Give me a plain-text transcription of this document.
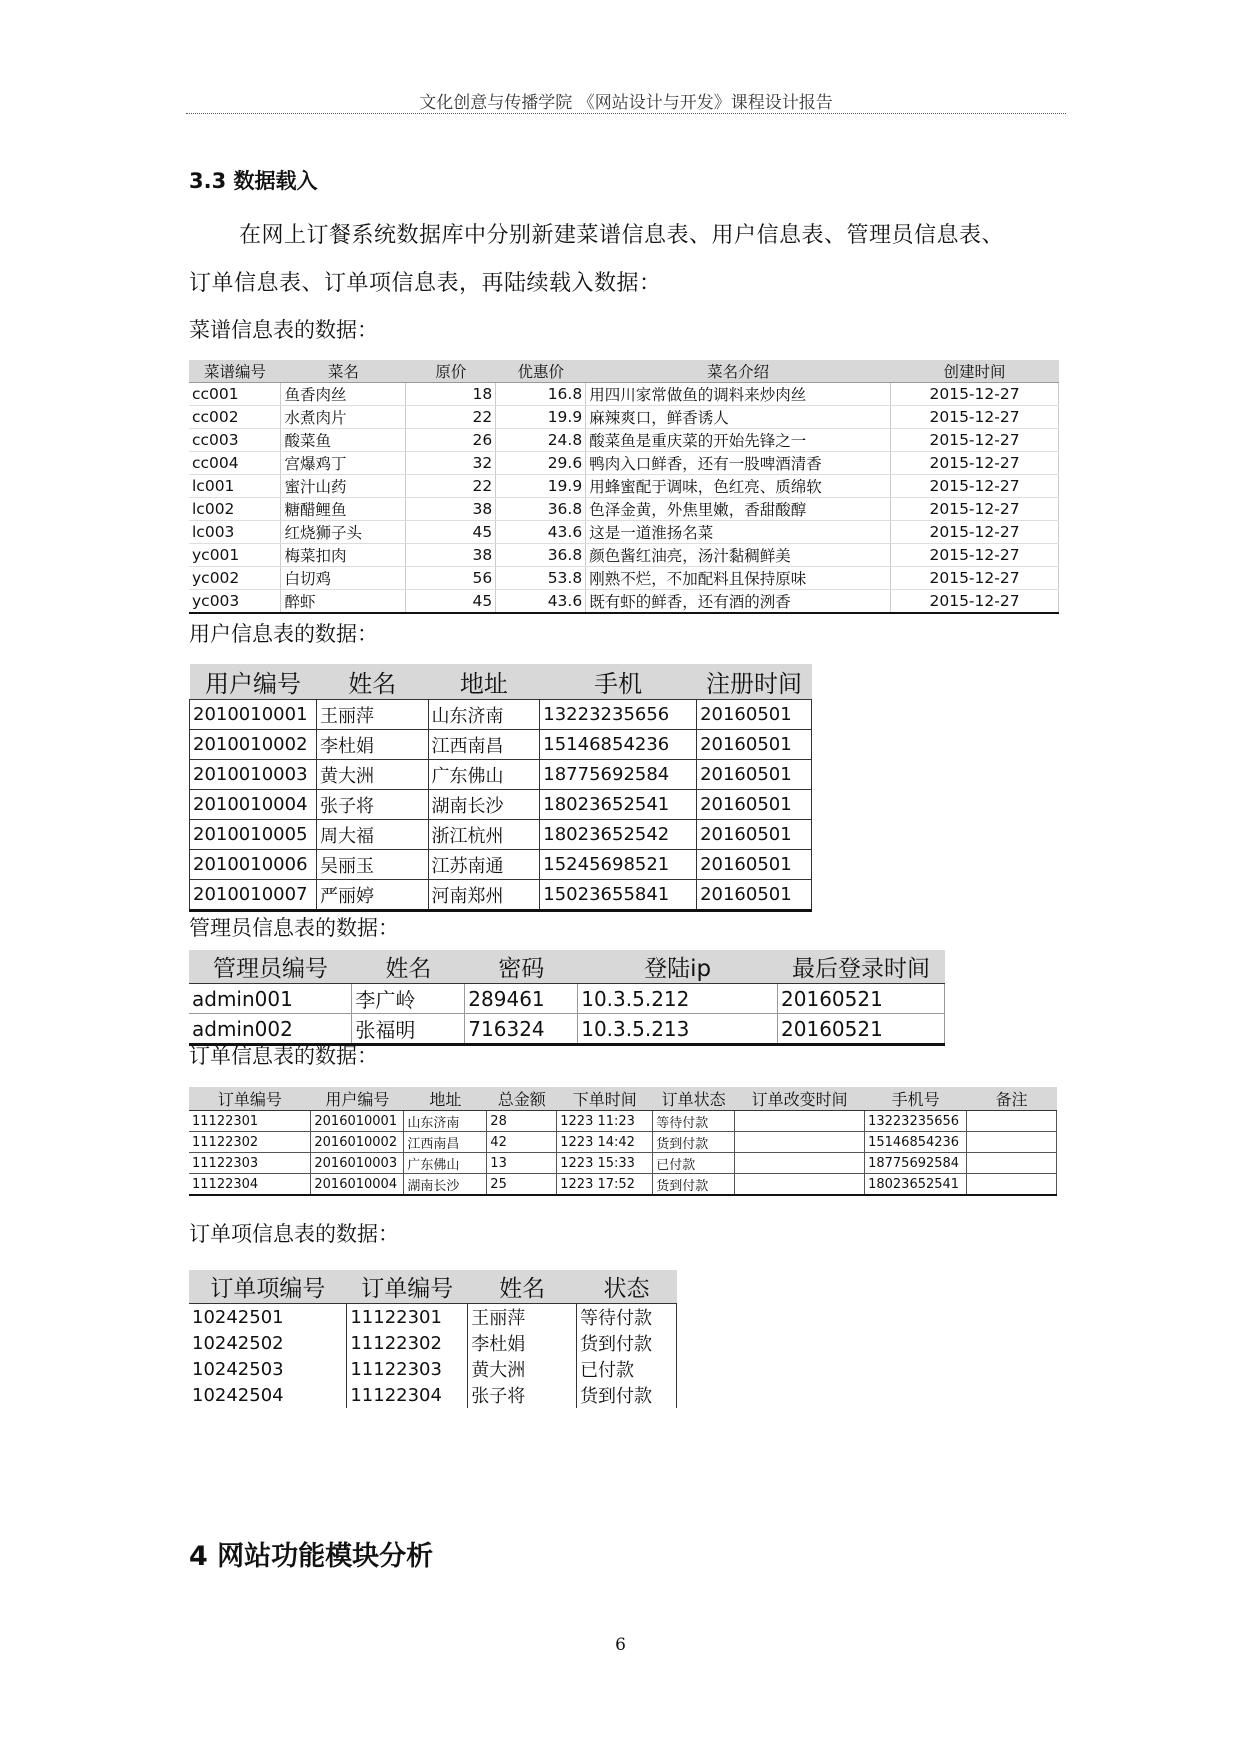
文化创意与传播学院 《网站设计与开发》课程设计报告
3.3 数据载入
在网上订餐系统数据库中分别新建菜谱信息表、用户信息表、管理员信息表、
订单信息表、订单项信息表，再陆续载入数据：
菜谱信息表的数据：
菜谱编号	菜名	原价	优惠价	菜名介绍	创建时间
cc001	鱼香肉丝	18	16.8	用四川家常做鱼的调料来炒肉丝	2015-12-27
cc002	水煮肉片	22	19.9	麻辣爽口，鲜香诱人	2015-12-27
cc003	酸菜鱼	26	24.8	酸菜鱼是重庆菜的开始先锋之一	2015-12-27
cc004	宫爆鸡丁	32	29.6	鸭肉入口鲜香，还有一股啤酒清香	2015-12-27
lc001	蜜汁山药	22	19.9	用蜂蜜配于调味，色红亮、质绵软	2015-12-27
lc002	糖醋鲤鱼	38	36.8	色泽金黄，外焦里嫩，香甜酸醇	2015-12-27
lc003	红烧狮子头	45	43.6	这是一道淮扬名菜	2015-12-27
yc001	梅菜扣肉	38	36.8	颜色酱红油亮，汤汁黏稠鲜美	2015-12-27
yc002	白切鸡	56	53.8	刚熟不烂，不加配料且保持原味	2015-12-27
yc003	醉虾	45	43.6	既有虾的鲜香，还有酒的洌香	2015-12-27
用户信息表的数据：
用户编号	姓名	地址	手机	注册时间
2010010001	王丽萍	山东济南	13223235656	20160501
2010010002	李杜娟	江西南昌	15146854236	20160501
2010010003	黄大洲	广东佛山	18775692584	20160501
2010010004	张子将	湖南长沙	18023652541	20160501
2010010005	周大福	浙江杭州	18023652542	20160501
2010010006	吴丽玉	江苏南通	15245698521	20160501
2010010007	严丽婷	河南郑州	15023655841	20160501
管理员信息表的数据：
管理员编号	姓名	密码	登陆ip	最后登录时间
admin001	李广岭	289461	10.3.5.212	20160521
admin002	张福明	716324	10.3.5.213	20160521
订单信息表的数据：
订单编号	用户编号	地址	总金额	下单时间	订单状态	订单改变时间	手机号	备注
11122301	2016010001	山东济南	28	1223 11:23	等待付款		13223235656	
11122302	2016010002	江西南昌	42	1223 14:42	货到付款		15146854236	
11122303	2016010003	广东佛山	13	1223 15:33	已付款		18775692584	
11122304	2016010004	湖南长沙	25	1223 17:52	货到付款		18023652541	
订单项信息表的数据：
订单项编号	订单编号	姓名	状态
10242501	11122301	王丽萍	等待付款
10242502	11122302	李杜娟	货到付款
10242503	11122303	黄大洲	已付款
10242504	11122304	张子将	货到付款
4 网站功能模块分析
6
